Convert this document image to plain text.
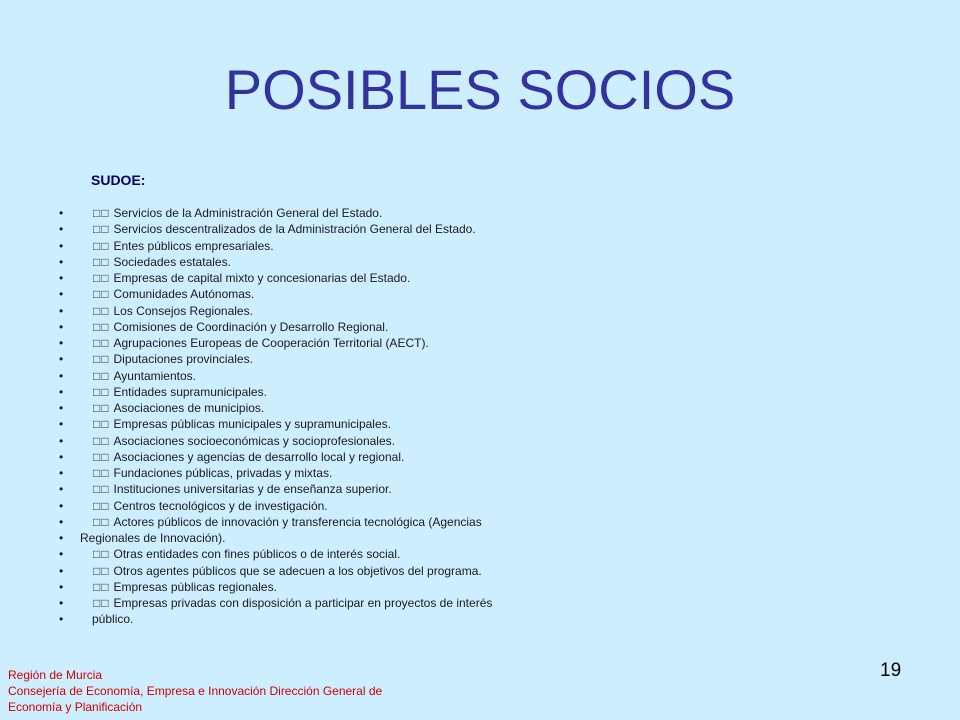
POSIBLES SOCIOS
SUDOE:
• □□ Servicios de la Administración General del Estado.
• □□ Servicios descentralizados de la Administración General del Estado.
• □□ Entes públicos empresariales.
• □□ Sociedades estatales.
• □□ Empresas de capital mixto y concesionarias del Estado.
• □□ Comunidades Autónomas.
• □□ Los Consejos Regionales.
• □□ Comisiones de Coordinación y Desarrollo Regional.
• □□ Agrupaciones Europeas de Cooperación Territorial (AECT).
• □□ Diputaciones provinciales.
• □□ Ayuntamientos.
• □□ Entidades supramunicipales.
• □□ Asociaciones de municipios.
• □□ Empresas públicas municipales y supramunicipales.
• □□ Asociaciones socioeconómicas y socioprofesionales.
• □□ Asociaciones y agencias de desarrollo local y regional.
• □□ Fundaciones públicas, privadas y mixtas.
• □□ Instituciones universitarias y de enseñanza superior.
• □□ Centros tecnológicos y de investigación.
• □□ Actores públicos de innovación y transferencia tecnológica (Agencias
• Regionales de Innovación).
• □□ Otras entidades con fines públicos o de interés social.
• □□ Otros agentes públicos que se adecuen a los objetivos del programa.
• □□ Empresas públicas regionales.
• □□ Empresas privadas con disposición a participar en proyectos de interés
• público.
19
Región de Murcia
Consejería de Economía, Empresa e Innovación Dirección General de
Economía y Planificación
